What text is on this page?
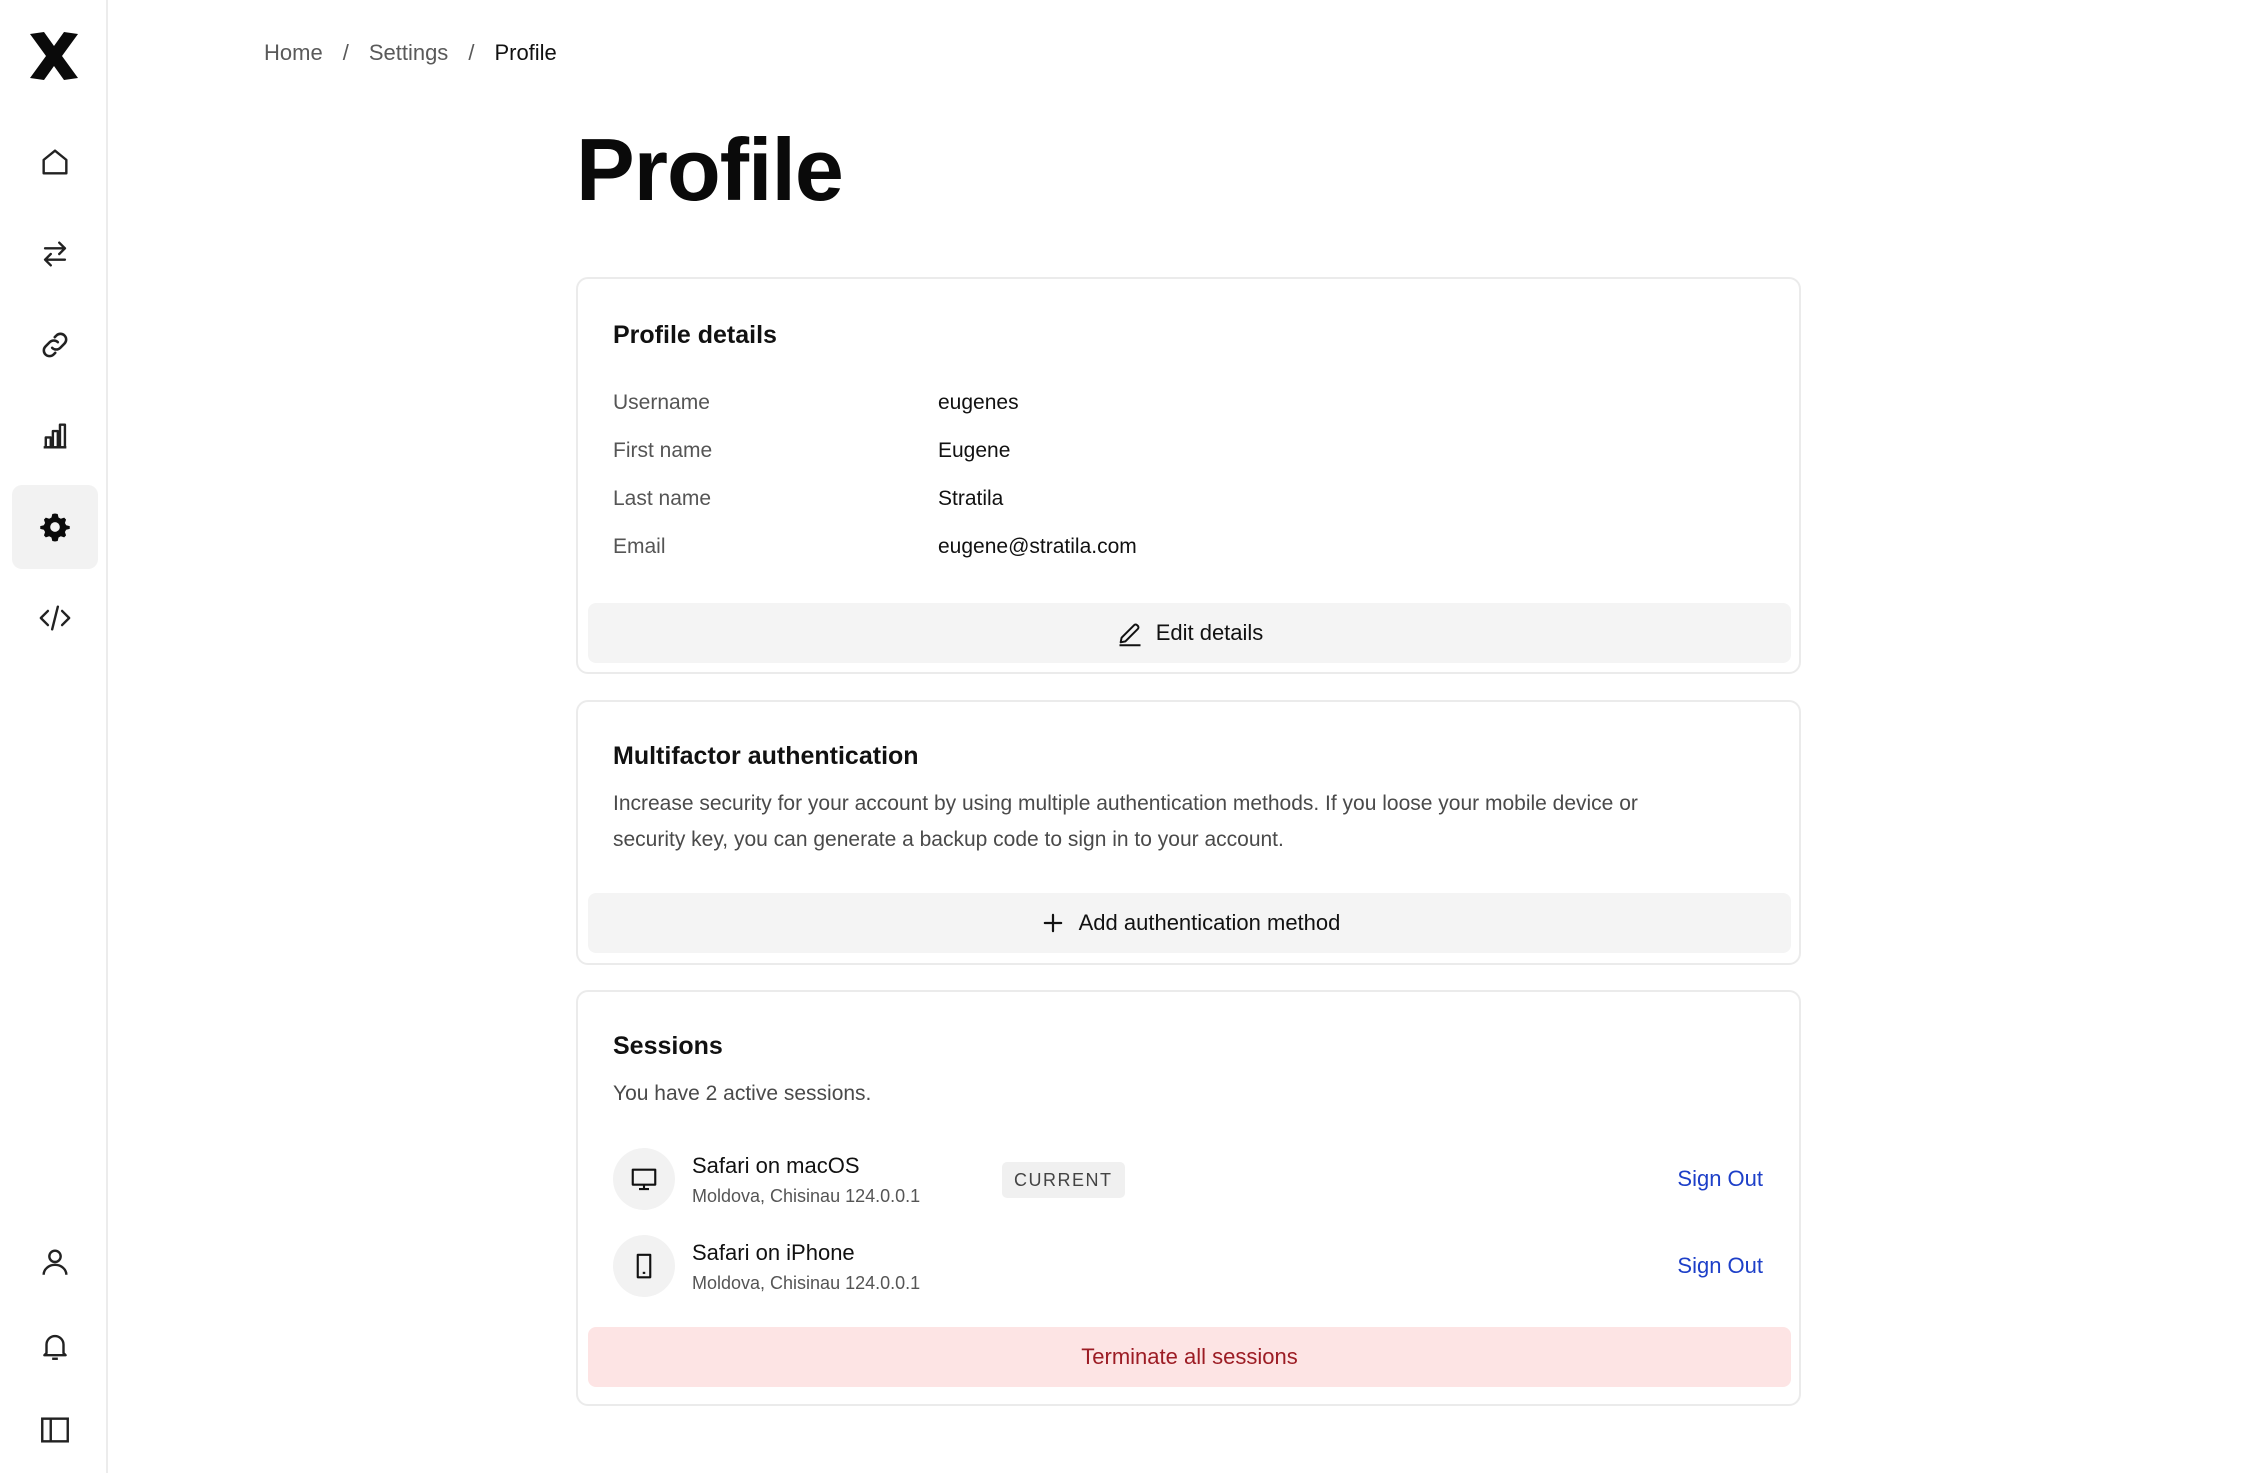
Home / Settings / Profile
Profile
Profile details
Username	eugenes
First name	Eugene
Last name	Stratila
Email	eugene@stratila.com
Edit details
Multifactor authentication
Increase security for your account by using multiple authentication methods. If you loose your mobile device or
security key, you can generate a backup code to sign in to your account.
Add authentication method
Sessions
You have 2 active sessions.
Safari on macOS
Moldova, Chisinau 124.0.0.1
CURRENT	Sign Out
Safari on iPhone
Moldova, Chisinau 124.0.0.1
Sign Out
Terminate all sessions
